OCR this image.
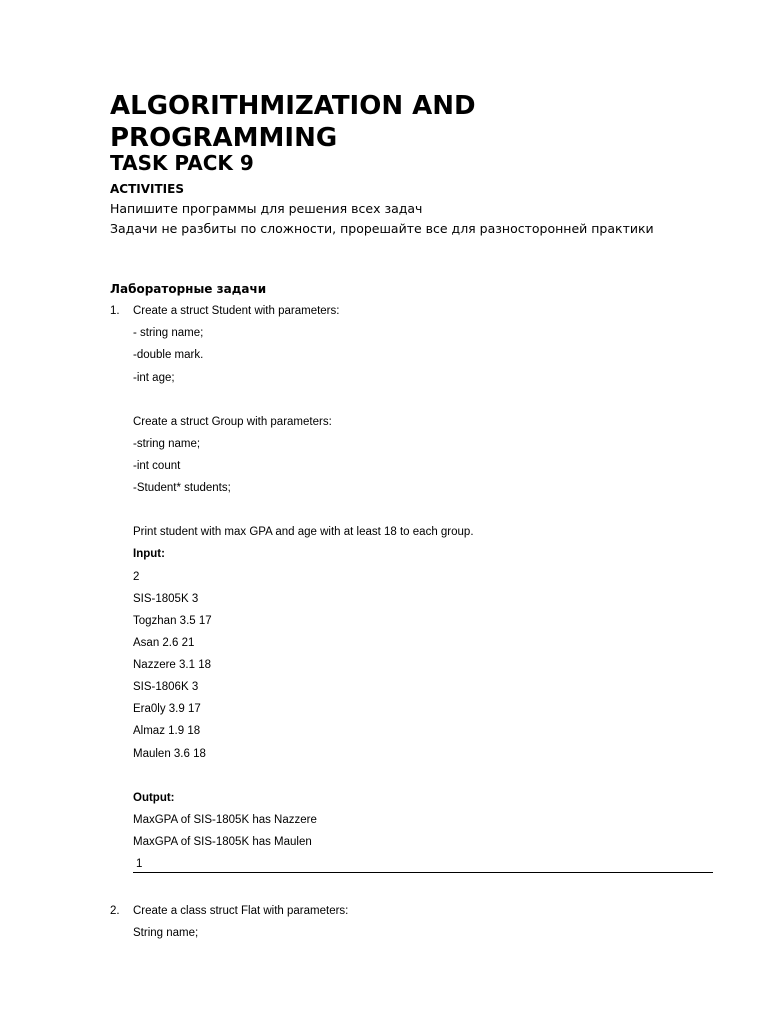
ALGORITHMIZATION AND PROGRAMMING
TASK PACK 9
ACTIVITIES
Напишите программы для решения всех задач
Задачи не разбиты по сложности, прорешайте все для разносторонней практики
Лабораторные задачи
1. Create a struct Student with parameters:
- string name;
-double mark.
-int age;
Create a struct Group with parameters:
-string name;
-int count
-Student* students;
Print student with max GPA and age with at least 18 to each group.
Input:
2
SIS-1805K 3
Togzhan 3.5 17
Asan 2.6 21
Nazzere 3.1 18
SIS-1806K 3
Era0ly 3.9 17
Almaz 1.9 18
Maulen 3.6 18
Output:
MaxGPA of SIS-1805K has Nazzere
MaxGPA of SIS-1805K has Maulen
1
2. Create a class struct Flat with parameters:
String name;
